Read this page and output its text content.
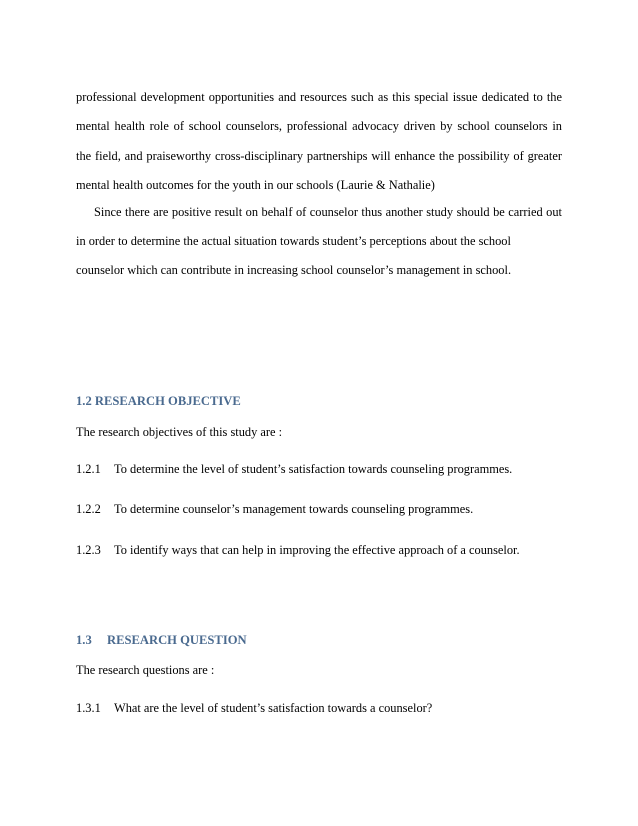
professional development opportunities and resources such as this special issue dedicated to the
mental health role of school counselors, professional advocacy driven by school counselors in
the field, and praiseworthy cross-disciplinary partnerships will enhance the possibility of greater
mental health outcomes for the youth in our schools (Laurie & Nathalie)
Since there are positive result on behalf of counselor thus another study should be carried out
in order to determine the actual situation towards student’s perceptions about the school
counselor which can contribute in increasing school counselor’s management in school.
1.2 RESEARCH OBJECTIVE
The research objectives of this study are :
1.2.1 To determine the level of student’s satisfaction towards counseling programmes.
1.2.2 To determine counselor’s management towards counseling programmes.
1.2.3 To identify ways that can help in improving the effective approach of a counselor.
1.3 RESEARCH QUESTION
The research questions are :
1.3.1 What are the level of student’s satisfaction towards a counselor?
